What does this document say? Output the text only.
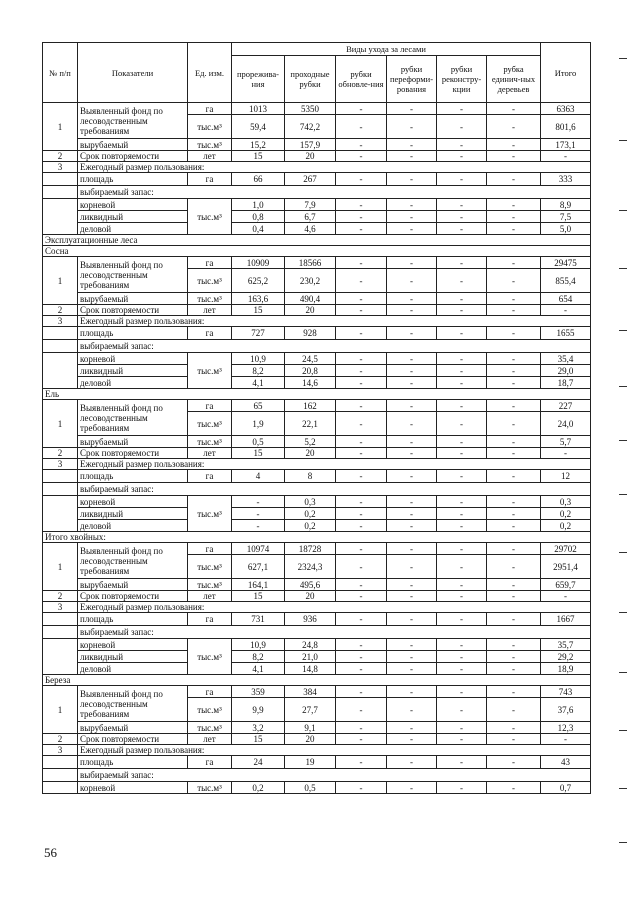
№ п/п	Показатели	Ед. изм.	Виды ухода за лесами						Итого
			прорежива-ния	проходные рубки	рубки обновле-ния	рубки переформи-рования	рубки реконстру-кции	рубка единич-ных деревьев	
1	Выявленный фонд по лесоводственным требованиям	га	1013	5350	-	-	-	-	6363
		тыс.м³	59,4	742,2	-	-	-	-	801,6
	вырубаемый	тыс.м³	15,2	157,9	-	-	-	-	173,1
2	Срок повторяемости	лет	15	20	-	-	-	-	-
3	Ежегодный размер пользования:								
	площадь	га	66	267	-	-	-	-	333
	выбираемый запас:								
	корневой	тыс.м³	1,0	7,9	-	-	-	-	8,9
	ликвидный		0,8	6,7	-	-	-	-	7,5
	деловой		0,4	4,6	-	-	-	-	5,0
Эксплуатационные леса									
Сосна									
1	Выявленный фонд по лесоводственным требованиям	га	10909	18566	-	-	-	-	29475
		тыс.м³	625,2	230,2	-	-	-	-	855,4
	вырубаемый	тыс.м³	163,6	490,4	-	-	-	-	654
2	Срок повторяемости	лет	15	20	-	-	-	-	-
3	Ежегодный размер пользования:								
	площадь	га	727	928	-	-	-	-	1655
	выбираемый запас:								
	корневой	тыс.м³	10,9	24,5	-	-	-	-	35,4
	ликвидный		8,2	20,8	-	-	-	-	29,0
	деловой		4,1	14,6	-	-	-	-	18,7
Ель									
1	Выявленный фонд по лесоводственным требованиям	га	65	162	-	-	-	-	227
		тыс.м³	1,9	22,1	-	-	-	-	24,0
	вырубаемый	тыс.м³	0,5	5,2	-	-	-	-	5,7
2	Срок повторяемости	лет	15	20	-	-	-	-	-
3	Ежегодный размер пользования:								
	площадь	га	4	8	-	-	-	-	12
	выбираемый запас:								
	корневой	тыс.м³	-	0,3	-	-	-	-	0,3
	ликвидный		-	0,2	-	-	-	-	0,2
	деловой		-	0,2	-	-	-	-	0,2
Итого хвойных:									
1	Выявленный фонд по лесоводственным требованиям	га	10974	18728	-	-	-	-	29702
		тыс.м³	627,1	2324,3	-	-	-	-	2951,4
	вырубаемый	тыс.м³	164,1	495,6	-	-	-	-	659,7
2	Срок повторяемости	лет	15	20	-	-	-	-	-
3	Ежегодный размер пользования:								
	площадь	га	731	936	-	-	-	-	1667
	выбираемый запас:								
	корневой	тыс.м³	10,9	24,8	-	-	-	-	35,7
	ликвидный		8,2	21,0	-	-	-	-	29,2
	деловой		4,1	14,8	-	-	-	-	18,9
Береза									
1	Выявленный фонд по лесоводственным требованиям	га	359	384	-	-	-	-	743
		тыс.м³	9,9	27,7	-	-	-	-	37,6
	вырубаемый	тыс.м³	3,2	9,1	-	-	-	-	12,3
2	Срок повторяемости	лет	15	20	-	-	-	-	-
3	Ежегодный размер пользования:								
	площадь	га	24	19	-	-	-	-	43
	выбираемый запас:								
	корневой	тыс.м³	0,2	0,5	-	-	-	-	0,7
56
